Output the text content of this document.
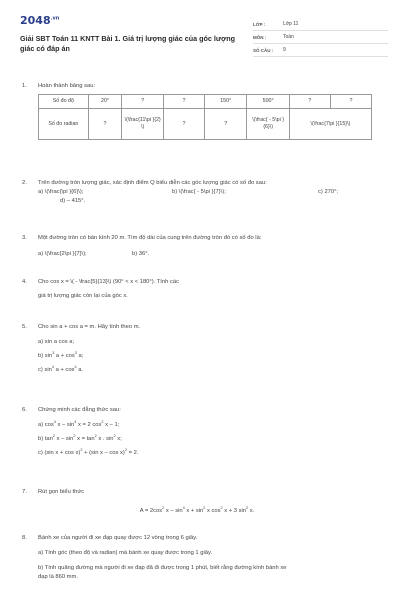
$2048^{.vn}$
Giải SBT Toán 11 KNTT Bài 1. Giá trị lượng giác của góc lượng giác có đáp án
LỚP :	Lớp 11
MÔN :	Toán
SỐ CÂU :	9
1. Hoàn thành bảng sau:
Số đo độ	20°	?	?	150°	500°	?	?
Số đo radian	?	\(\frac{11\pi }{2}\)	?	?	\(\frac{ - 5\pi }{6}\)	\(\frac{7\pi }{15}\)	
2. Trên đường tròn lượng giác, xác định điểm Q biểu diễn các góc lượng giác có số đo sau:
a) \(\frac{\pi }{6}\);	b) \(\frac{ - 5\pi }{7}\);	c) 270°;
d) – 415°.
3. Một đường tròn có bán kính 20 m. Tìm độ dài của cung trên đường tròn đó có số đo là:
a) \(\frac{2\pi }{7}\);	b) 36°.
4. Cho cos x = \( - \frac{5}{13}\) (90° < x < 180°). Tính các
giá trị lượng giác còn lại của góc x.
5. Cho sin a + cos a = m. Hãy tính theo m.
a) sin a cos a;
b) $\sin^3 a + \cos^3 a$;
c) $\sin^4 a + \cos^4 a$.
6. Chứng minh các đẳng thức sau:
a) $\cos^4 x - \sin^4 x = 2$ $\cos^2 x - 1$;
b) $\tan^2 x - \sin^2 x = \tan^2 x$ . $\sin^2 x$;
c) (sin x + cos x)$^2$ + (sin x – cos x)$^2$ = 2.
7. Rút gọn biểu thức
$A = 2\cos^2$ $x - \sin^4 x + \sin^2 x$ $\cos^2 x + 3$ $\sin^2 x$.
8. Bánh xe của người đi xe đạp quay được 12 vòng trong 6 giây.
a) Tính góc (theo độ và radian) mà bánh xe quay được trong 1 giây.
b) Tính quãng đường mà người đi xe đạp đã đi được trong 1 phút, biết rằng đường kính bánh xe
đạp là 860 mm.
